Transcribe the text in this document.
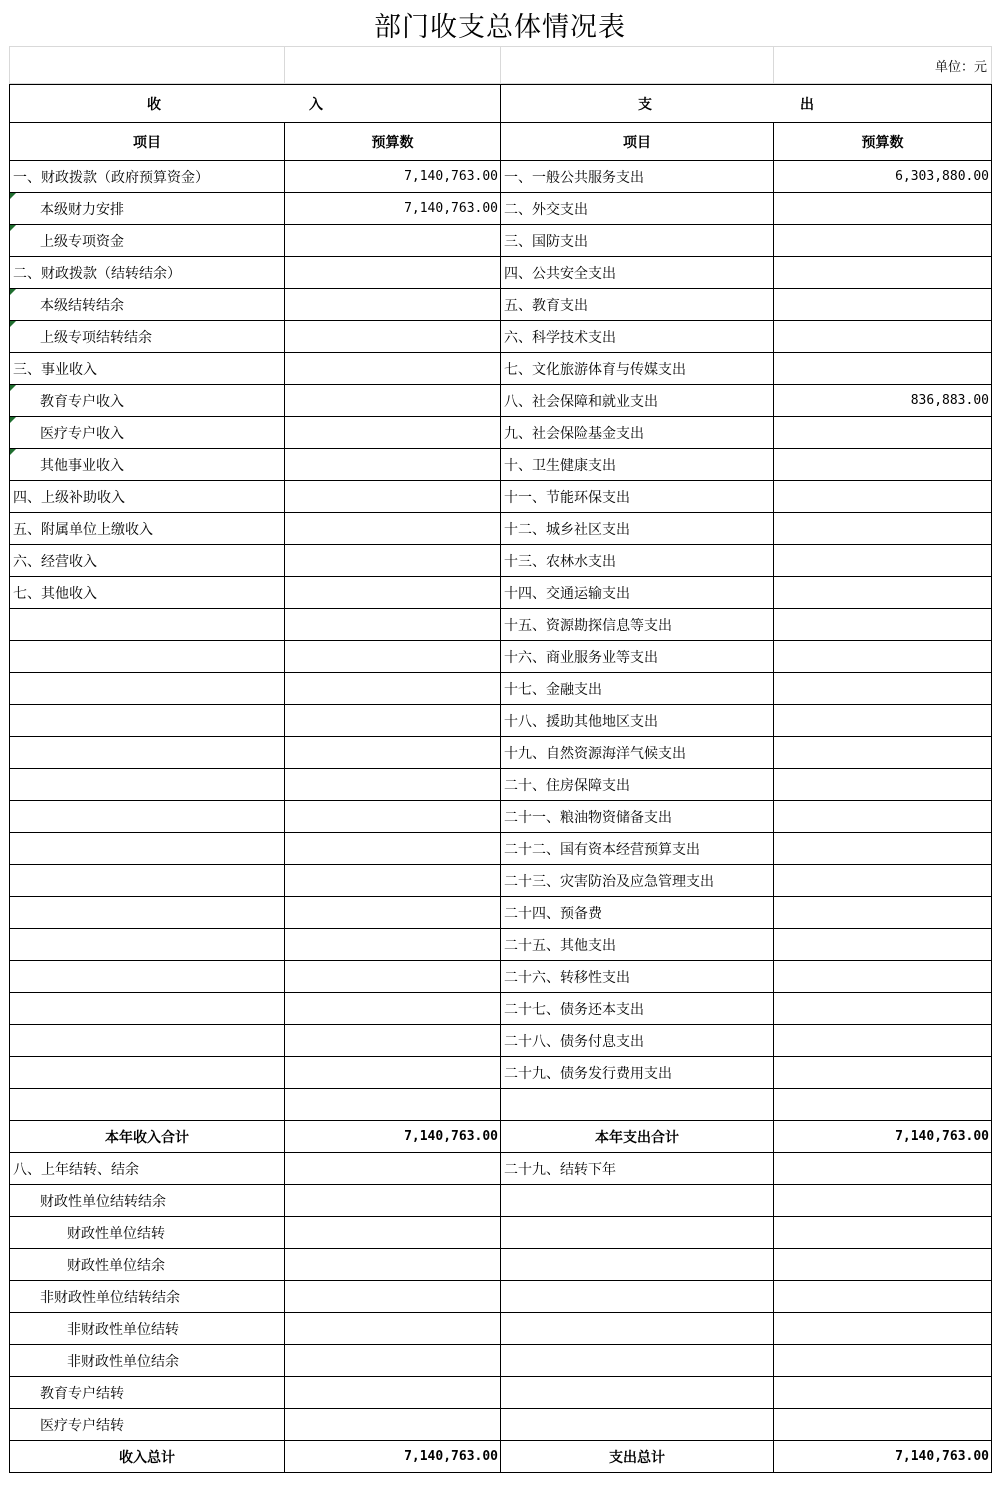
部门收支总体情况表
			单位：元
收　　入		支　　出	
项目	预算数	项目	预算数
一、财政拨款（政府预算资金）	7,140,763.00	一、一般公共服务支出	6,303,880.00

本级财力安排	7,140,763.00	二、外交支出	

上级专项资金		三、国防支出	
二、财政拨款（结转结余）		四、公共安全支出	

本级结转结余		五、教育支出	

上级专项结转结余		六、科学技术支出	
三、事业收入		七、文化旅游体育与传媒支出	

教育专户收入		八、社会保障和就业支出	836,883.00

医疗专户收入		九、社会保险基金支出	

其他事业收入		十、卫生健康支出	
四、上级补助收入		十一、节能环保支出	
五、附属单位上缴收入		十二、城乡社区支出	
六、经营收入		十三、农林水支出	
七、其他收入		十四、交通运输支出	
		十五、资源勘探信息等支出	
		十六、商业服务业等支出	
		十七、金融支出	
		十八、援助其他地区支出	
		十九、自然资源海洋气候支出	
		二十、住房保障支出	
		二十一、粮油物资储备支出	
		二十二、国有资本经营预算支出	
		二十三、灾害防治及应急管理支出	
		二十四、预备费	
		二十五、其他支出	
		二十六、转移性支出	
		二十七、债务还本支出	
		二十八、债务付息支出	
		二十九、债务发行费用支出	

本年收入合计	7,140,763.00	本年支出合计	7,140,763.00
八、上年结转、结余		二十九、结转下年	
财政性单位结转结余			
财政性单位结转			
财政性单位结余			
非财政性单位结转结余			
非财政性单位结转			
非财政性单位结余			
教育专户结转			
医疗专户结转			
收入总计	7,140,763.00	支出总计	7,140,763.00
